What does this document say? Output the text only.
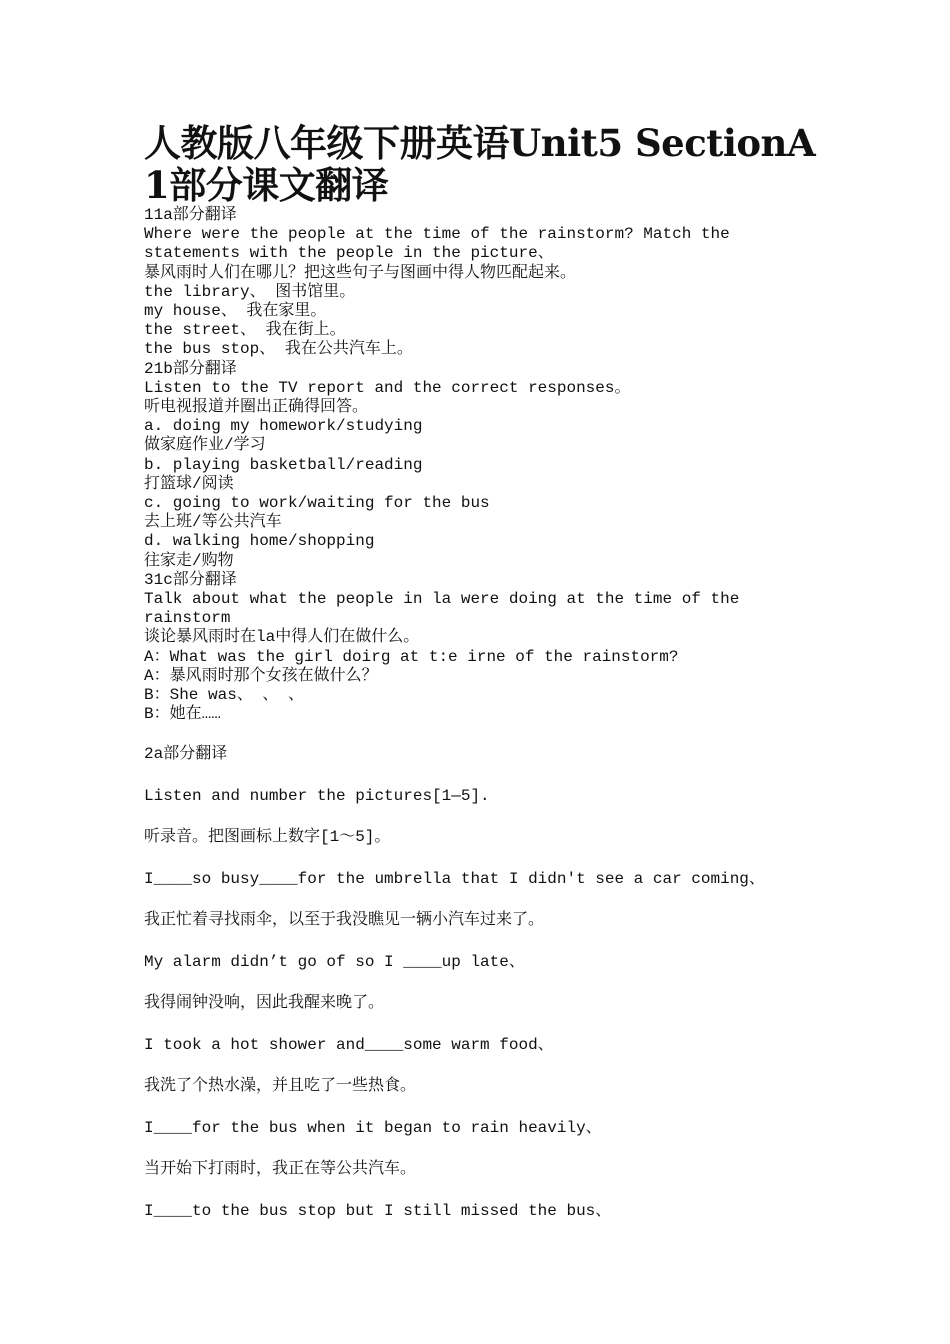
人教版八年级下册英语Unit5 SectionA
1部分课文翻译
11a部分翻译
Where were the people at the time of the rainstorm? Match the statements with the people in the picture、
暴风雨时人们在哪儿？把这些句子与图画中得人物匹配起来。
the library、 图书馆里。
my house、 我在家里。
the street、 我在街上。
the bus stop、 我在公共汽车上。
21b部分翻译
Listen to the TV report and the correct responses。
听电视报道并圈出正确得回答。
a. doing my homework/studying
做家庭作业/学习
b. playing basketball/reading
打篮球/阅读
c. going to work/waiting for the bus
去上班/等公共汽车
d. walking home/shopping
往家走/购物
31c部分翻译
Talk about what the people in la were doing at the time of the rainstorm
谈论暴风雨时在la中得人们在做什么。
A：What was the girl doirg at t:e irne of the rainstorm?
A：暴风雨时那个女孩在做什么？
B：She was、 、 、
B：她在……
2a部分翻译
Listen and number the pictures[1—5].
听录音。把图画标上数字[1～5]。
I____so busy____for the umbrella that I didn't see a car coming、
我正忙着寻找雨伞，以至于我没瞧见一辆小汽车过来了。
My alarm didn’t go of so I ____up late、
我得闹钟没响，因此我醒来晚了。
I took a hot shower and____some warm food、
我洗了个热水澡，并且吃了一些热食。
I____for the bus when it began to rain heavily、
当开始下打雨时，我正在等公共汽车。
I____to the bus stop but I still missed the bus、
